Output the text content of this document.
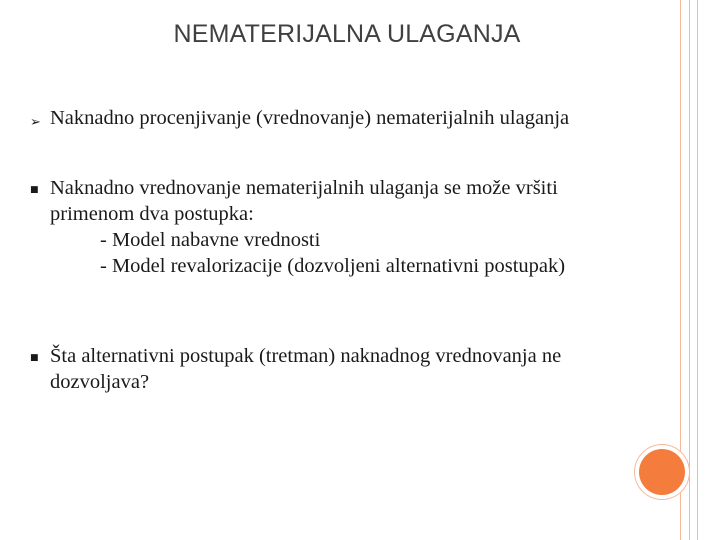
NEMATERIJALNA ULAGANJA
➢ Naknadno procenjivanje (vrednovanje) nematerijalnih ulaganja
■ Naknadno vrednovanje nematerijalnih ulaganja se može vršiti
primenom dva postupka:
- Model nabavne vrednosti
- Model revalorizacije (dozvoljeni alternativni postupak)
■ Šta alternativni postupak (tretman) naknadnog vrednovanja ne
dozvoljava?
